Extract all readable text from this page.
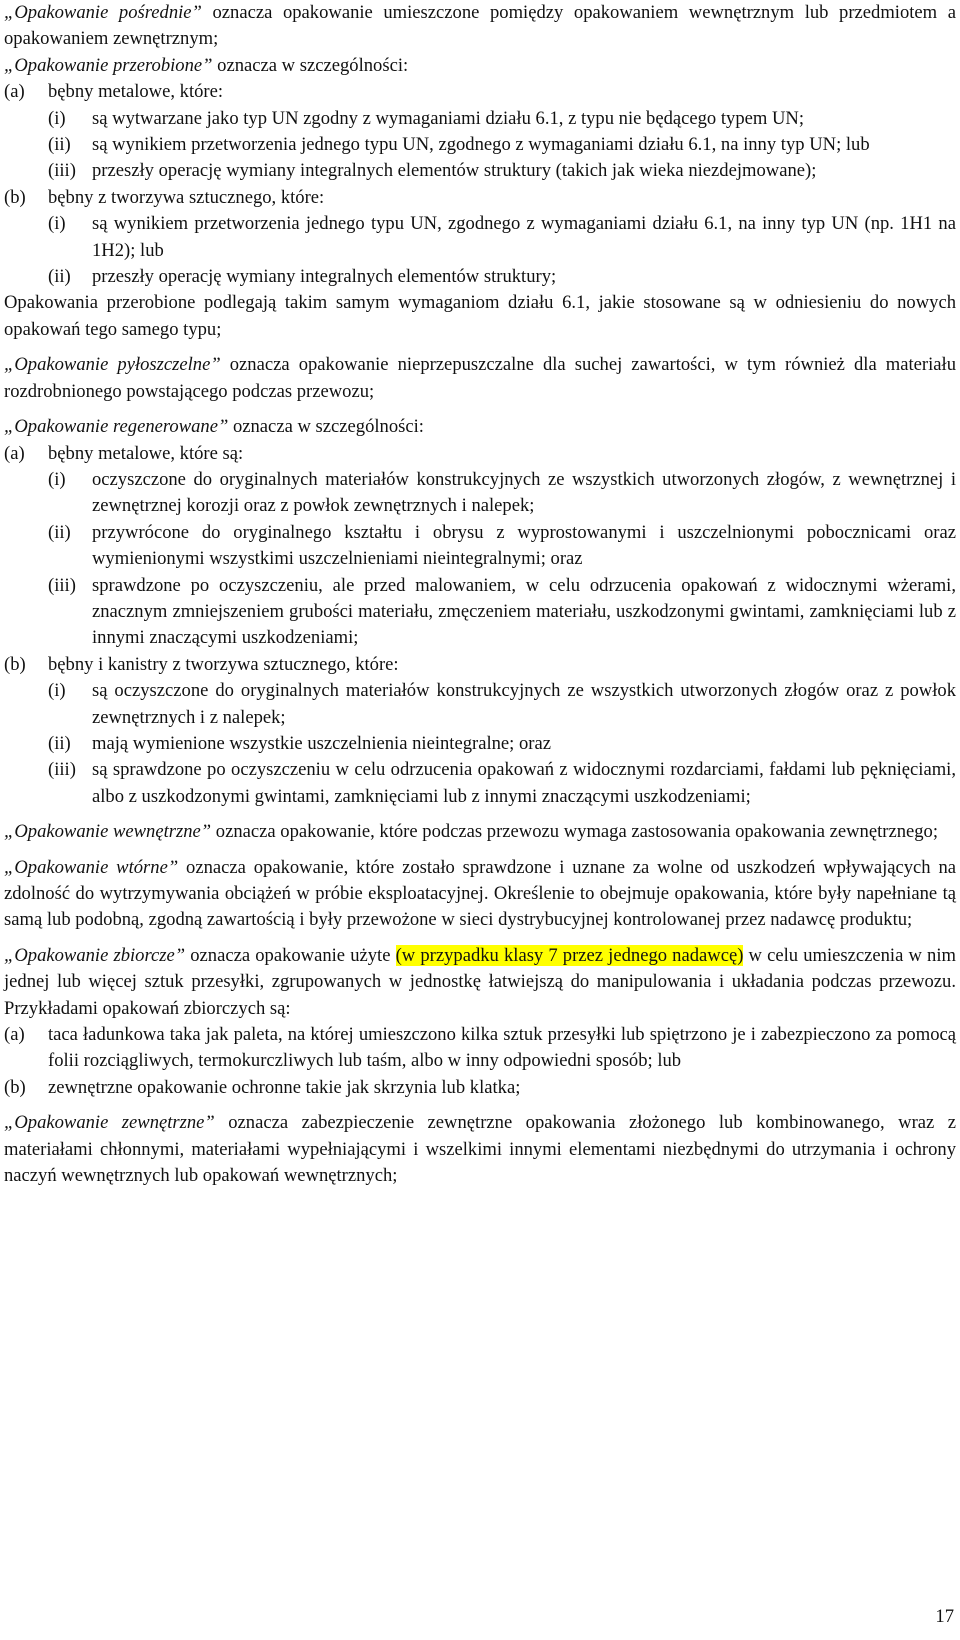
„Opakowanie pośrednie” oznacza opakowanie umieszczone pomiędzy opakowaniem wewnętrznym lub przedmiotem a opakowaniem zewnętrznym;

„Opakowanie przerobione” oznacza w szczególności:

(a)	bębny metalowe, które:
(i)	są wytwarzane jako typ UN zgodny z wymaganiami działu 6.1, z typu nie będącego typem UN;
(ii)	są wynikiem przetworzenia jednego typu UN, zgodnego z wymaganiami działu 6.1, na inny typ UN; lub
(iii) przeszły operację wymiany integralnych elementów struktury (takich jak wieka niezdejmowane);
(b)	bębny z tworzywa sztucznego, które:
(i)	są wynikiem przetworzenia jednego typu UN, zgodnego z wymaganiami działu 6.1, na inny typ UN (np. 1H1 na 1H2); lub
(ii)	przeszły operację wymiany integralnych elementów struktury;

Opakowania przerobione podlegają takim samym wymaganiom działu 6.1, jakie stosowane są w odniesieniu do nowych opakowań tego samego typu;

„Opakowanie pyłoszczelne” oznacza opakowanie nieprzepuszczalne dla suchej zawartości, w tym również dla materiału rozdrobnionego powstającego podczas przewozu;

„Opakowanie regenerowane” oznacza w szczególności:

(a)	bębny metalowe, które są:
(i)	oczyszczone do oryginalnych materiałów konstrukcyjnych ze wszystkich utworzonych złogów, z wewnętrznej i zewnętrznej korozji oraz z powłok zewnętrznych i nalepek;
(ii)	przywrócone do oryginalnego kształtu i obrysu z wyprostowanymi i uszczelnionymi pobocznicami oraz wymienionymi wszystkimi uszczelnieniami nieintegralnymi; oraz
(iii) sprawdzone po oczyszczeniu, ale przed malowaniem, w celu odrzucenia opakowań z widocznymi wżerami, znacznym zmniejszeniem grubości materiału, zmęczeniem materiału, uszkodzonymi gwintami, zamknięciami lub z innymi znaczącymi uszkodzeniami;
(b)	bębny i kanistry z tworzywa sztucznego, które:
(i)	są oczyszczone do oryginalnych materiałów konstrukcyjnych ze wszystkich utworzonych złogów oraz z powłok zewnętrznych i z nalepek;
(ii)	mają wymienione wszystkie uszczelnienia nieintegralne; oraz
(iii) są sprawdzone po oczyszczeniu w celu odrzucenia opakowań z widocznymi rozdarciami, fałdami lub pęknięciami, albo z uszkodzonymi gwintami, zamknięciami lub z innymi znaczącymi uszkodzeniami;

„Opakowanie wewnętrzne” oznacza opakowanie, które podczas przewozu wymaga zastosowania opakowania zewnętrznego;

„Opakowanie wtórne” oznacza opakowanie, które zostało sprawdzone i uznane za wolne od uszkodzeń wpływających na zdolność do wytrzymywania obciążeń w próbie eksploatacyjnej. Określenie to obejmuje opakowania, które były napełniane tą samą lub podobną, zgodną zawartością i były przewożone w sieci dystrybucyjnej kontrolowanej przez nadawcę produktu;

„Opakowanie zbiorcze” oznacza opakowanie użyte (w przypadku klasy 7 przez jednego nadawcę) w celu umieszczenia w nim jednej lub więcej sztuk przesyłki, zgrupowanych w jednostkę łatwiejszą do manipulowania i układania podczas przewozu. Przykładami opakowań zbiorczych są:

(a)	taca ładunkowa taka jak paleta, na której umieszczono kilka sztuk przesyłki lub spiętrzono je i zabezpieczono za pomocą folii rozciągliwych, termokurczliwych lub taśm, albo w inny odpowiedni sposób; lub
(b)	zewnętrzne opakowanie ochronne takie jak skrzynia lub klatka;

„Opakowanie zewnętrzne” oznacza zabezpieczenie zewnętrzne opakowania złożonego lub kombinowanego, wraz z materiałami chłonnymi, materiałami wypełniającymi i wszelkimi innymi elementami niezbędnymi do utrzymania i ochrony naczyń wewnętrznych lub opakowań wewnętrznych;

17
